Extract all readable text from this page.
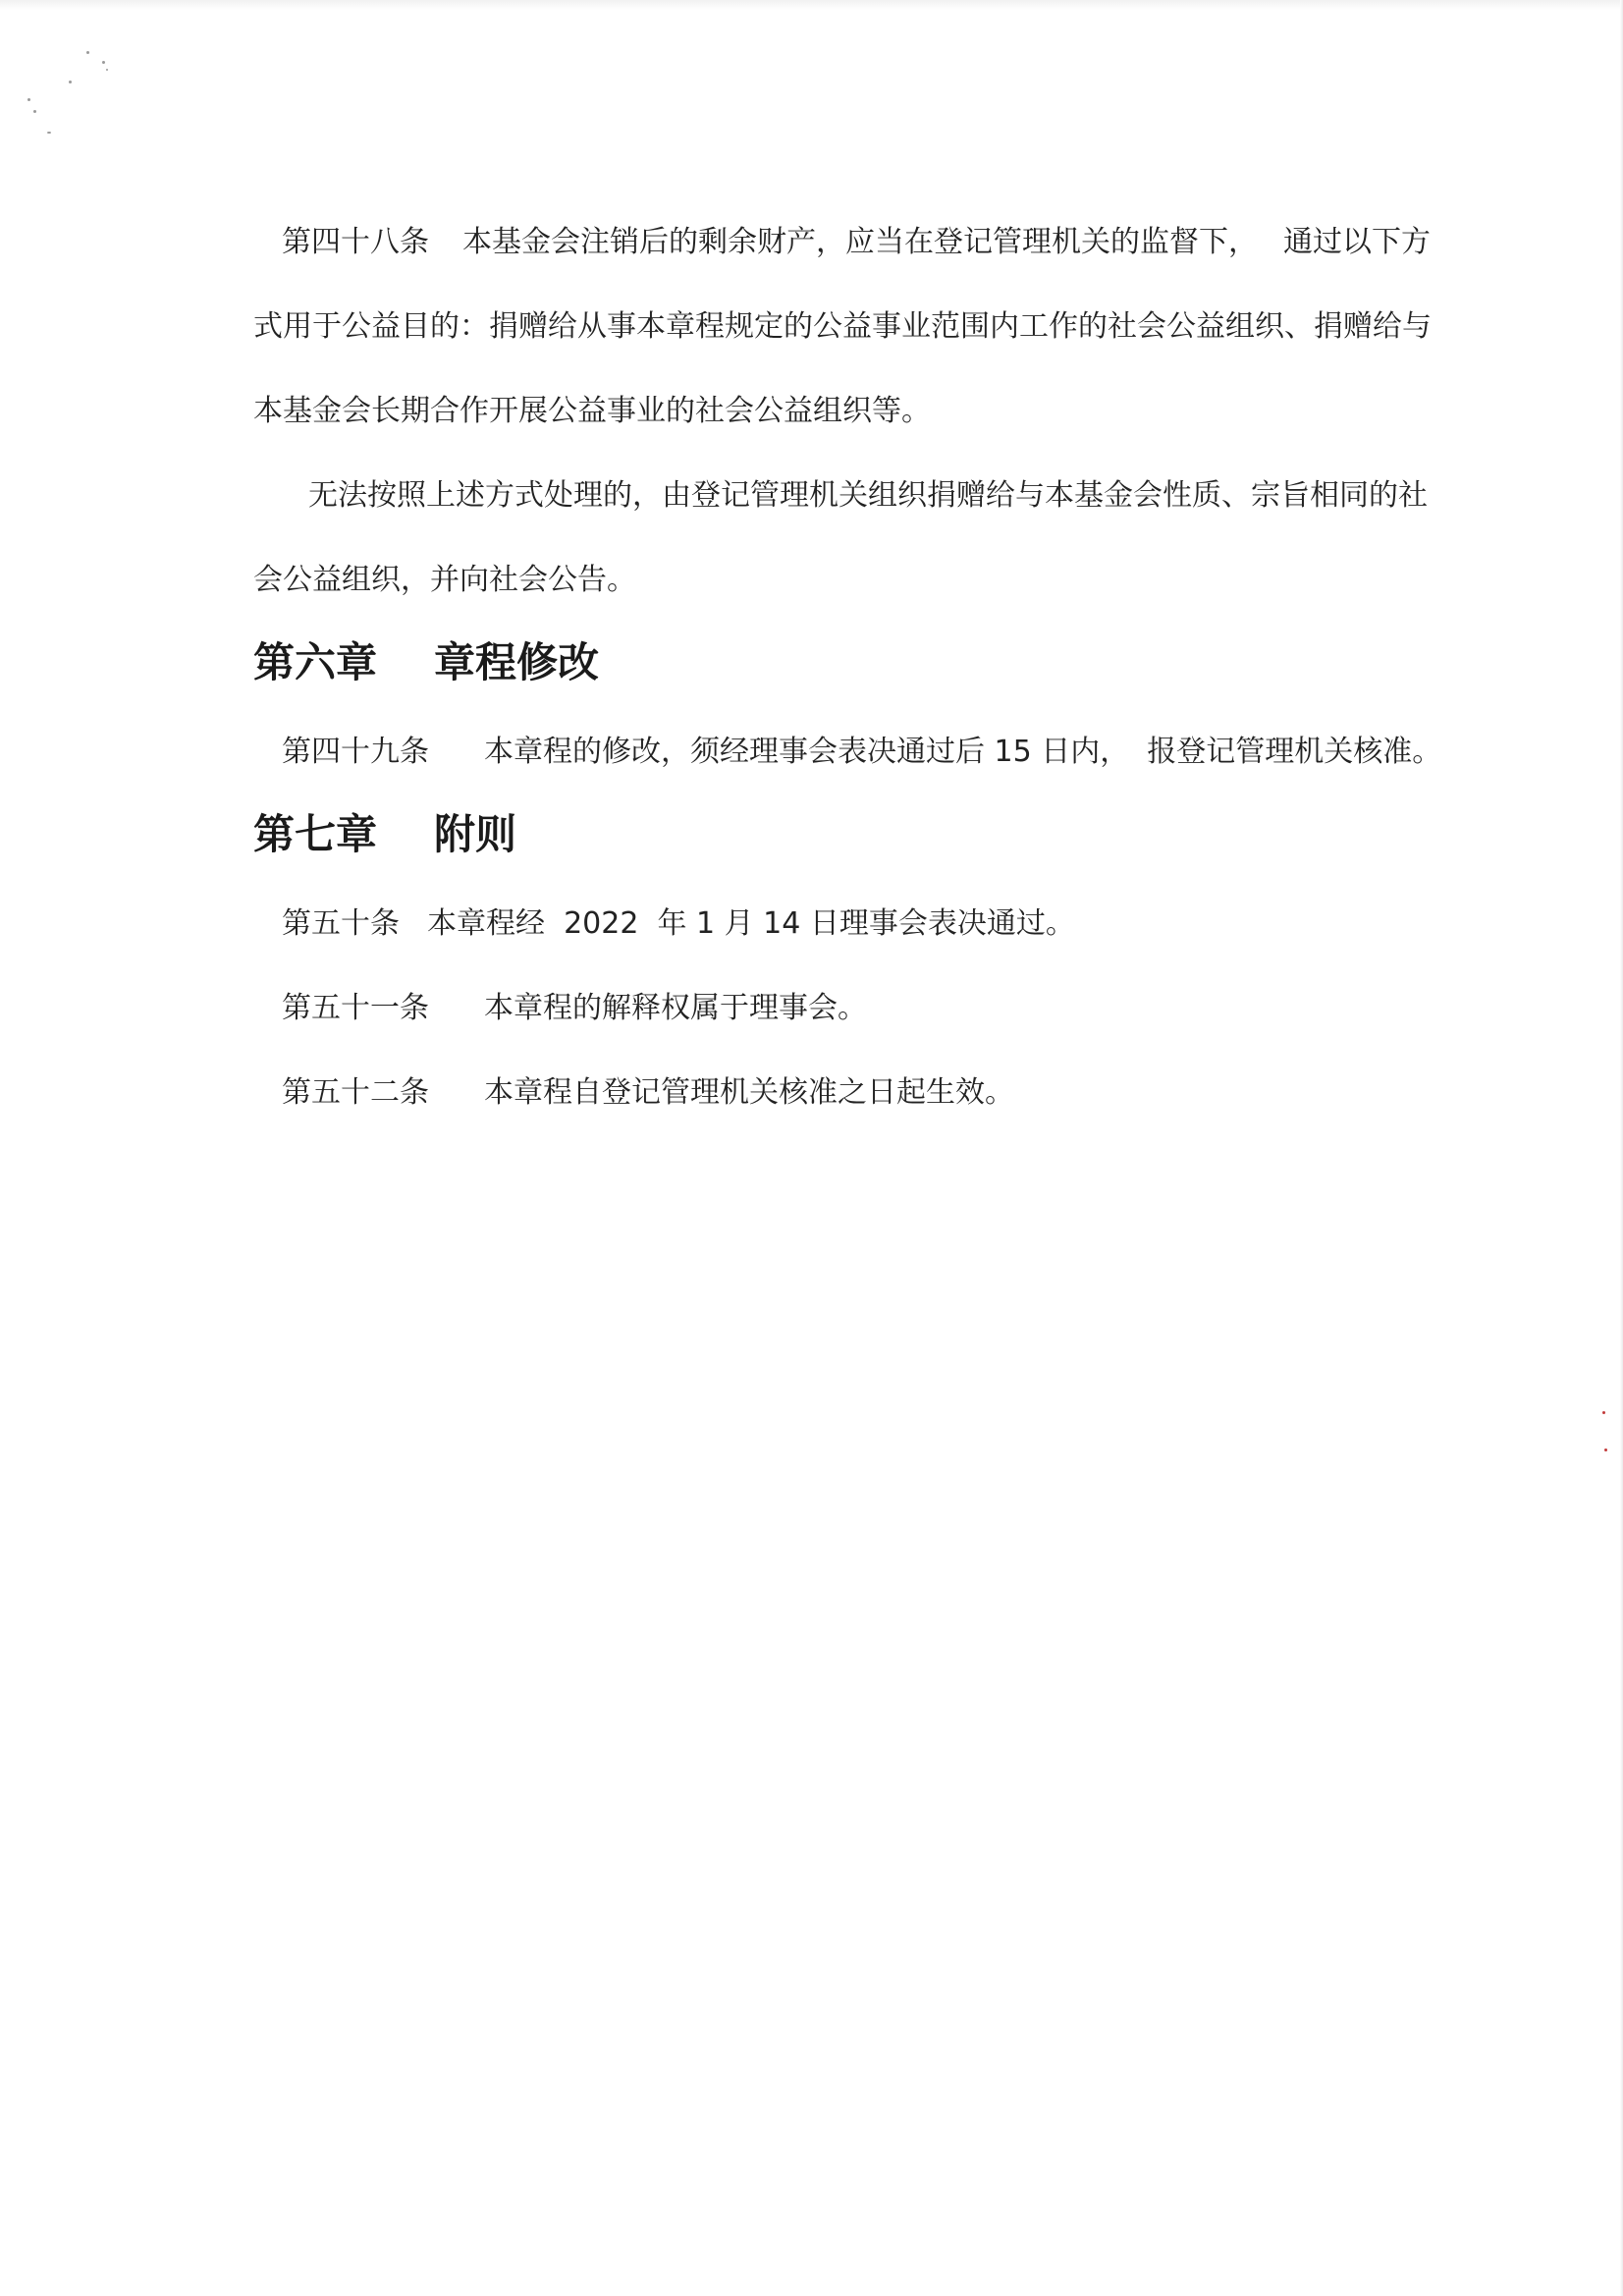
第四十八条 本基金会注销后的剩余财产，应当在登记管理机关的监督下， 通过以下方
式用于公益目的：捐赠给从事本章程规定的公益事业范围内工作的社会公益组织、捐赠给与
本基金会长期合作开展公益事业的社会公益组织等。
无法按照上述方式处理的，由登记管理机关组织捐赠给与本基金会性质、宗旨相同的社
会公益组织，并向社会公告。
第六章 章程修改
第四十九条 本章程的修改，须经理事会表决通过后 15 日内， 报登记管理机关核准。
第七章 附则
第五十条 本章程经  2022  年 1 月 14 日理事会表决通过。
第五十一条 本章程的解释权属于理事会。
第五十二条 本章程自登记管理机关核准之日起生效。
